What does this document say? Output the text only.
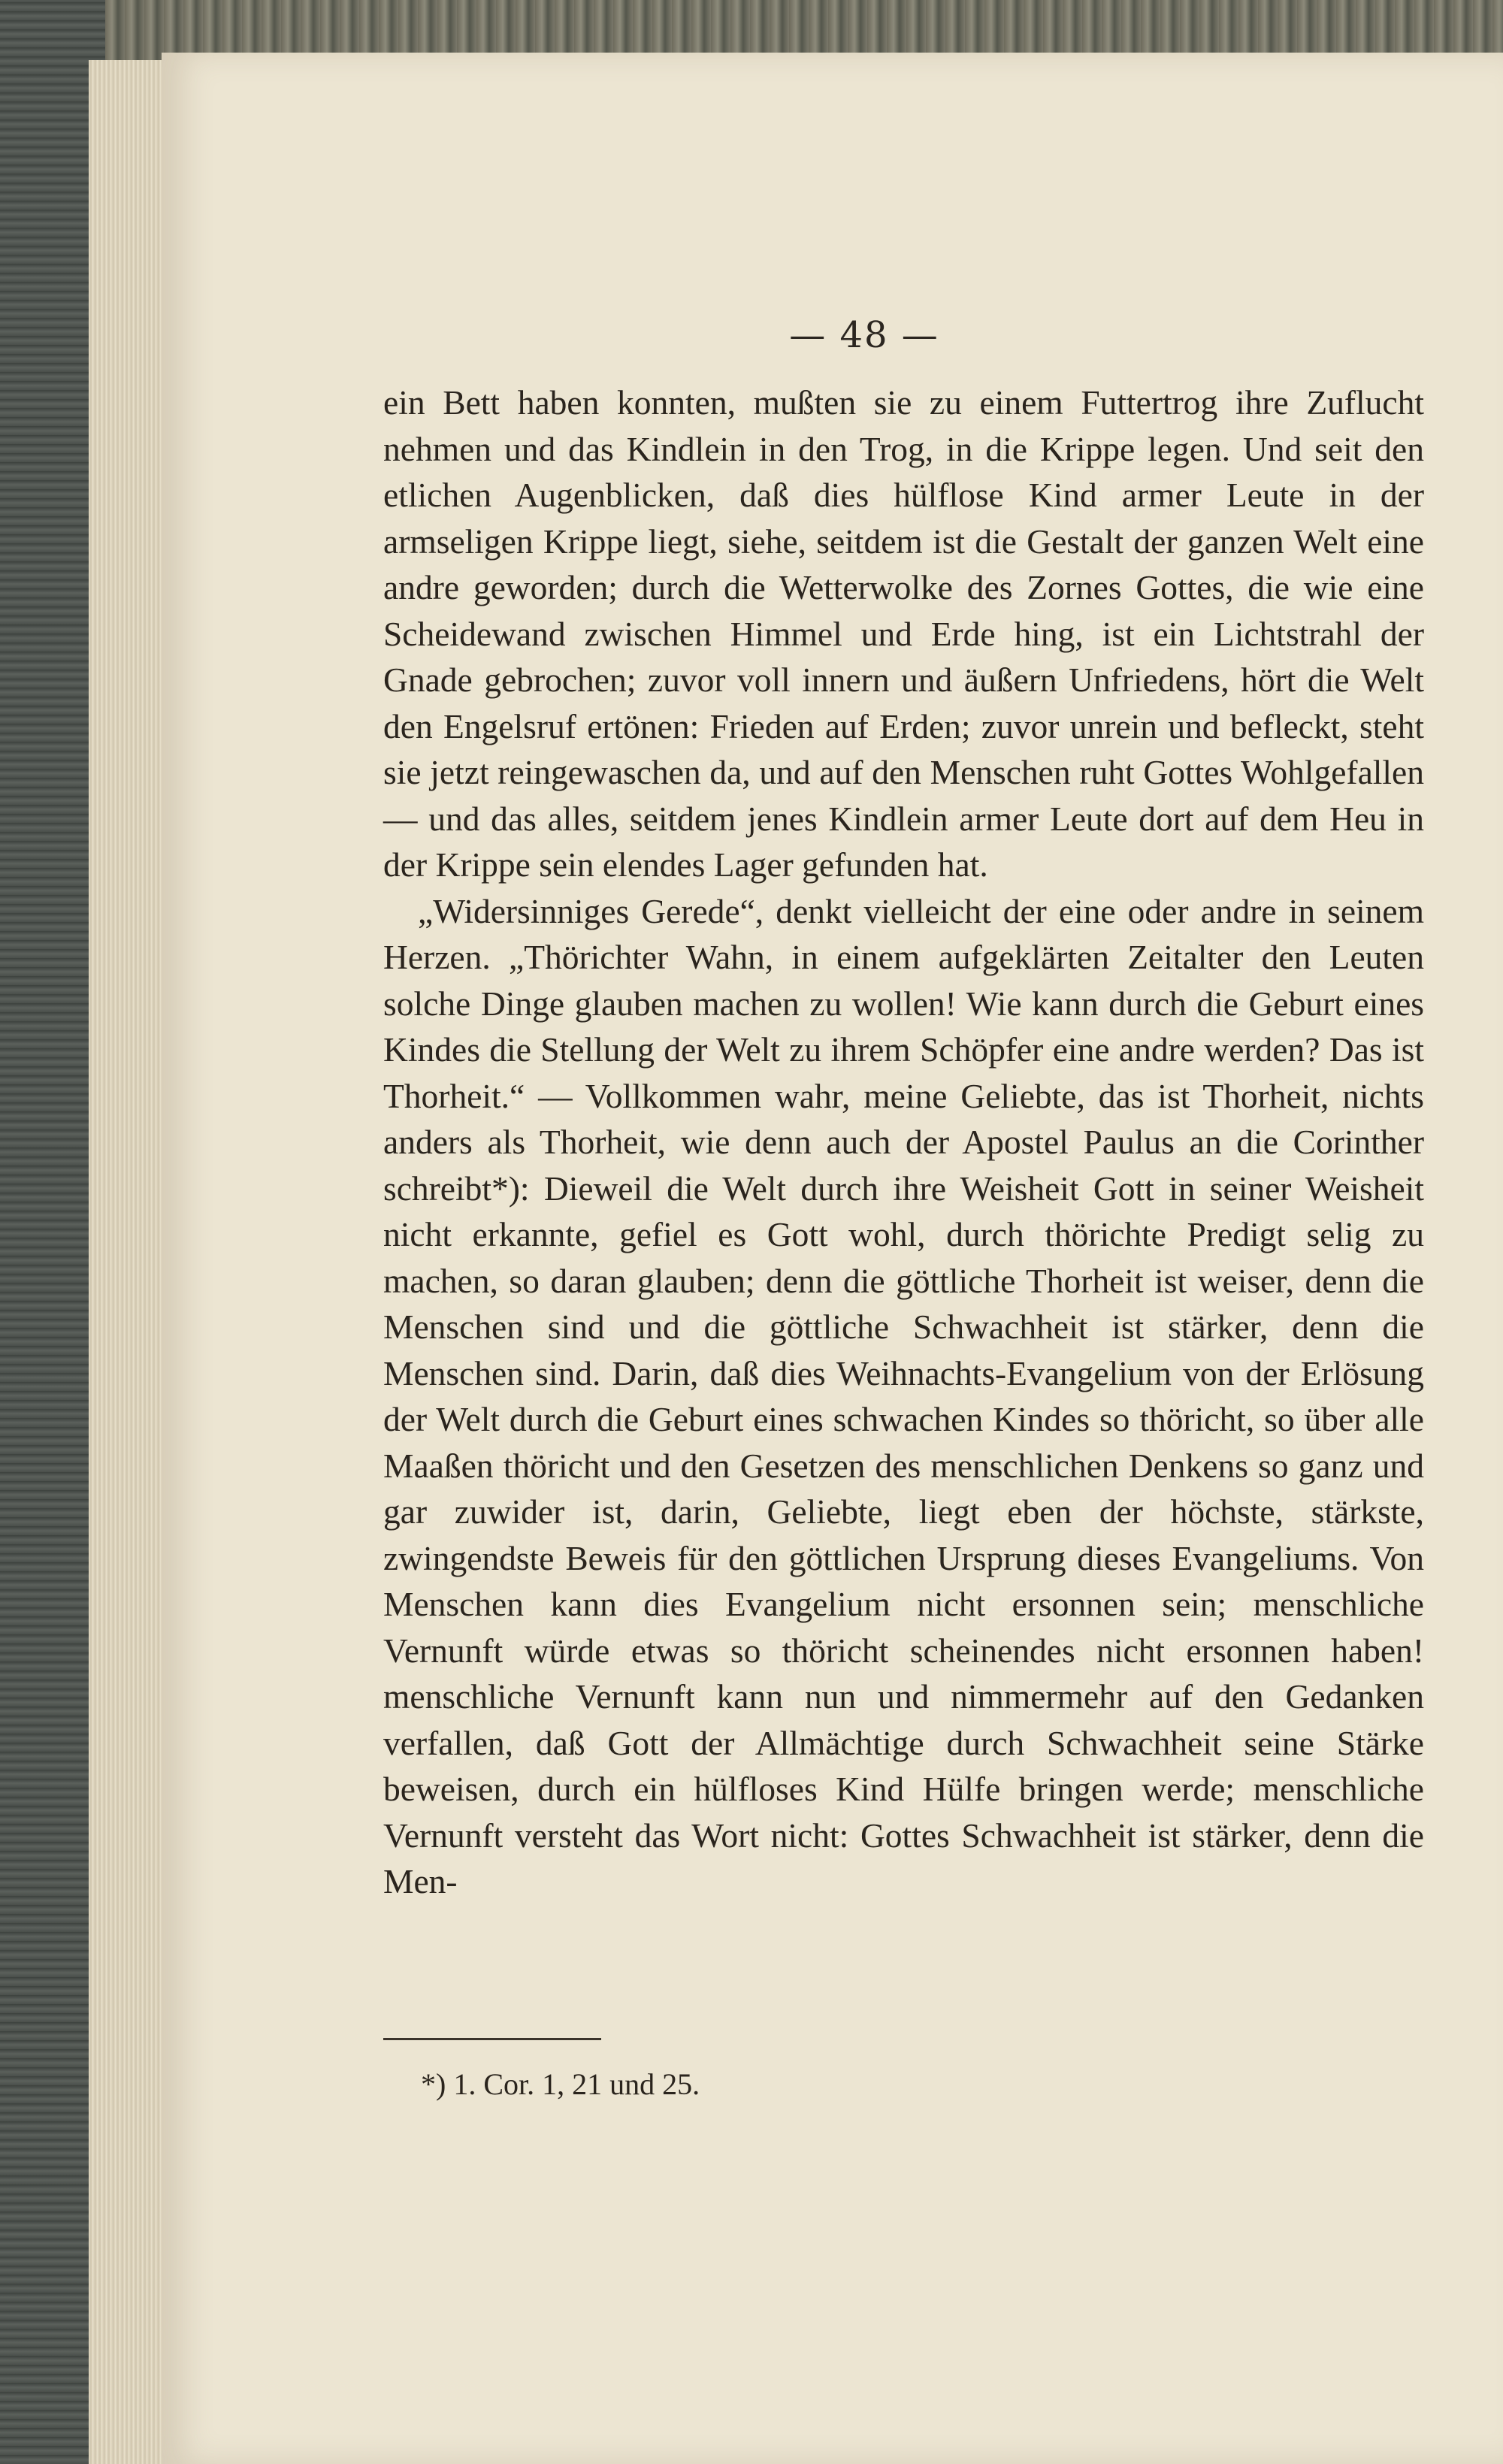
— 48 —

ein Bett haben konnten, mußten sie zu einem Futtertrog ihre Zuflucht nehmen und das Kindlein in den Trog, in die Krippe legen. Und seit den etlichen Augenblicken, daß dies hülflose Kind armer Leute in der armseligen Krippe liegt, siehe, seitdem ist die Gestalt der ganzen Welt eine andre geworden; durch die Wetterwolke des Zornes Gottes, die wie eine Scheidewand zwischen Himmel und Erde hing, ist ein Lichtstrahl der Gnade gebrochen; zuvor voll innern und äußern Unfriedens, hört die Welt den Engelsruf ertönen: Frieden auf Erden; zuvor unrein und befleckt, steht sie jetzt reingewaschen da, und auf den Menschen ruht Gottes Wohlgefallen — und das alles, seitdem jenes Kindlein armer Leute dort auf dem Heu in der Krippe sein elendes Lager gefunden hat.

„Widersinniges Gerede“, denkt vielleicht der eine oder andre in seinem Herzen. „Thörichter Wahn, in einem aufgeklärten Zeitalter den Leuten solche Dinge glauben machen zu wollen! Wie kann durch die Geburt eines Kindes die Stellung der Welt zu ihrem Schöpfer eine andre werden? Das ist Thorheit.“ — Vollkommen wahr, meine Geliebte, das ist Thorheit, nichts anders als Thorheit, wie denn auch der Apostel Paulus an die Corinther schreibt*): Dieweil die Welt durch ihre Weisheit Gott in seiner Weisheit nicht erkannte, gefiel es Gott wohl, durch thörichte Predigt selig zu machen, so daran glauben; denn die göttliche Thorheit ist weiser, denn die Menschen sind und die göttliche Schwachheit ist stärker, denn die Menschen sind. Darin, daß dies Weihnachts-Evangelium von der Erlösung der Welt durch die Geburt eines schwachen Kindes so thöricht, so über alle Maaßen thöricht und den Gesetzen des menschlichen Denkens so ganz und gar zuwider ist, darin, Geliebte, liegt eben der höchste, stärkste, zwingendste Beweis für den göttlichen Ursprung dieses Evangeliums. Von Menschen kann dies Evangelium nicht ersonnen sein; menschliche Vernunft würde etwas so thöricht scheinendes nicht ersonnen haben! menschliche Vernunft kann nun und nimmermehr auf den Gedanken verfallen, daß Gott der Allmächtige durch Schwachheit seine Stärke beweisen, durch ein hülfloses Kind Hülfe bringen werde; menschliche Vernunft versteht das Wort nicht: Gottes Schwachheit ist stärker, denn die Men-

*) 1. Cor. 1, 21 und 25.
